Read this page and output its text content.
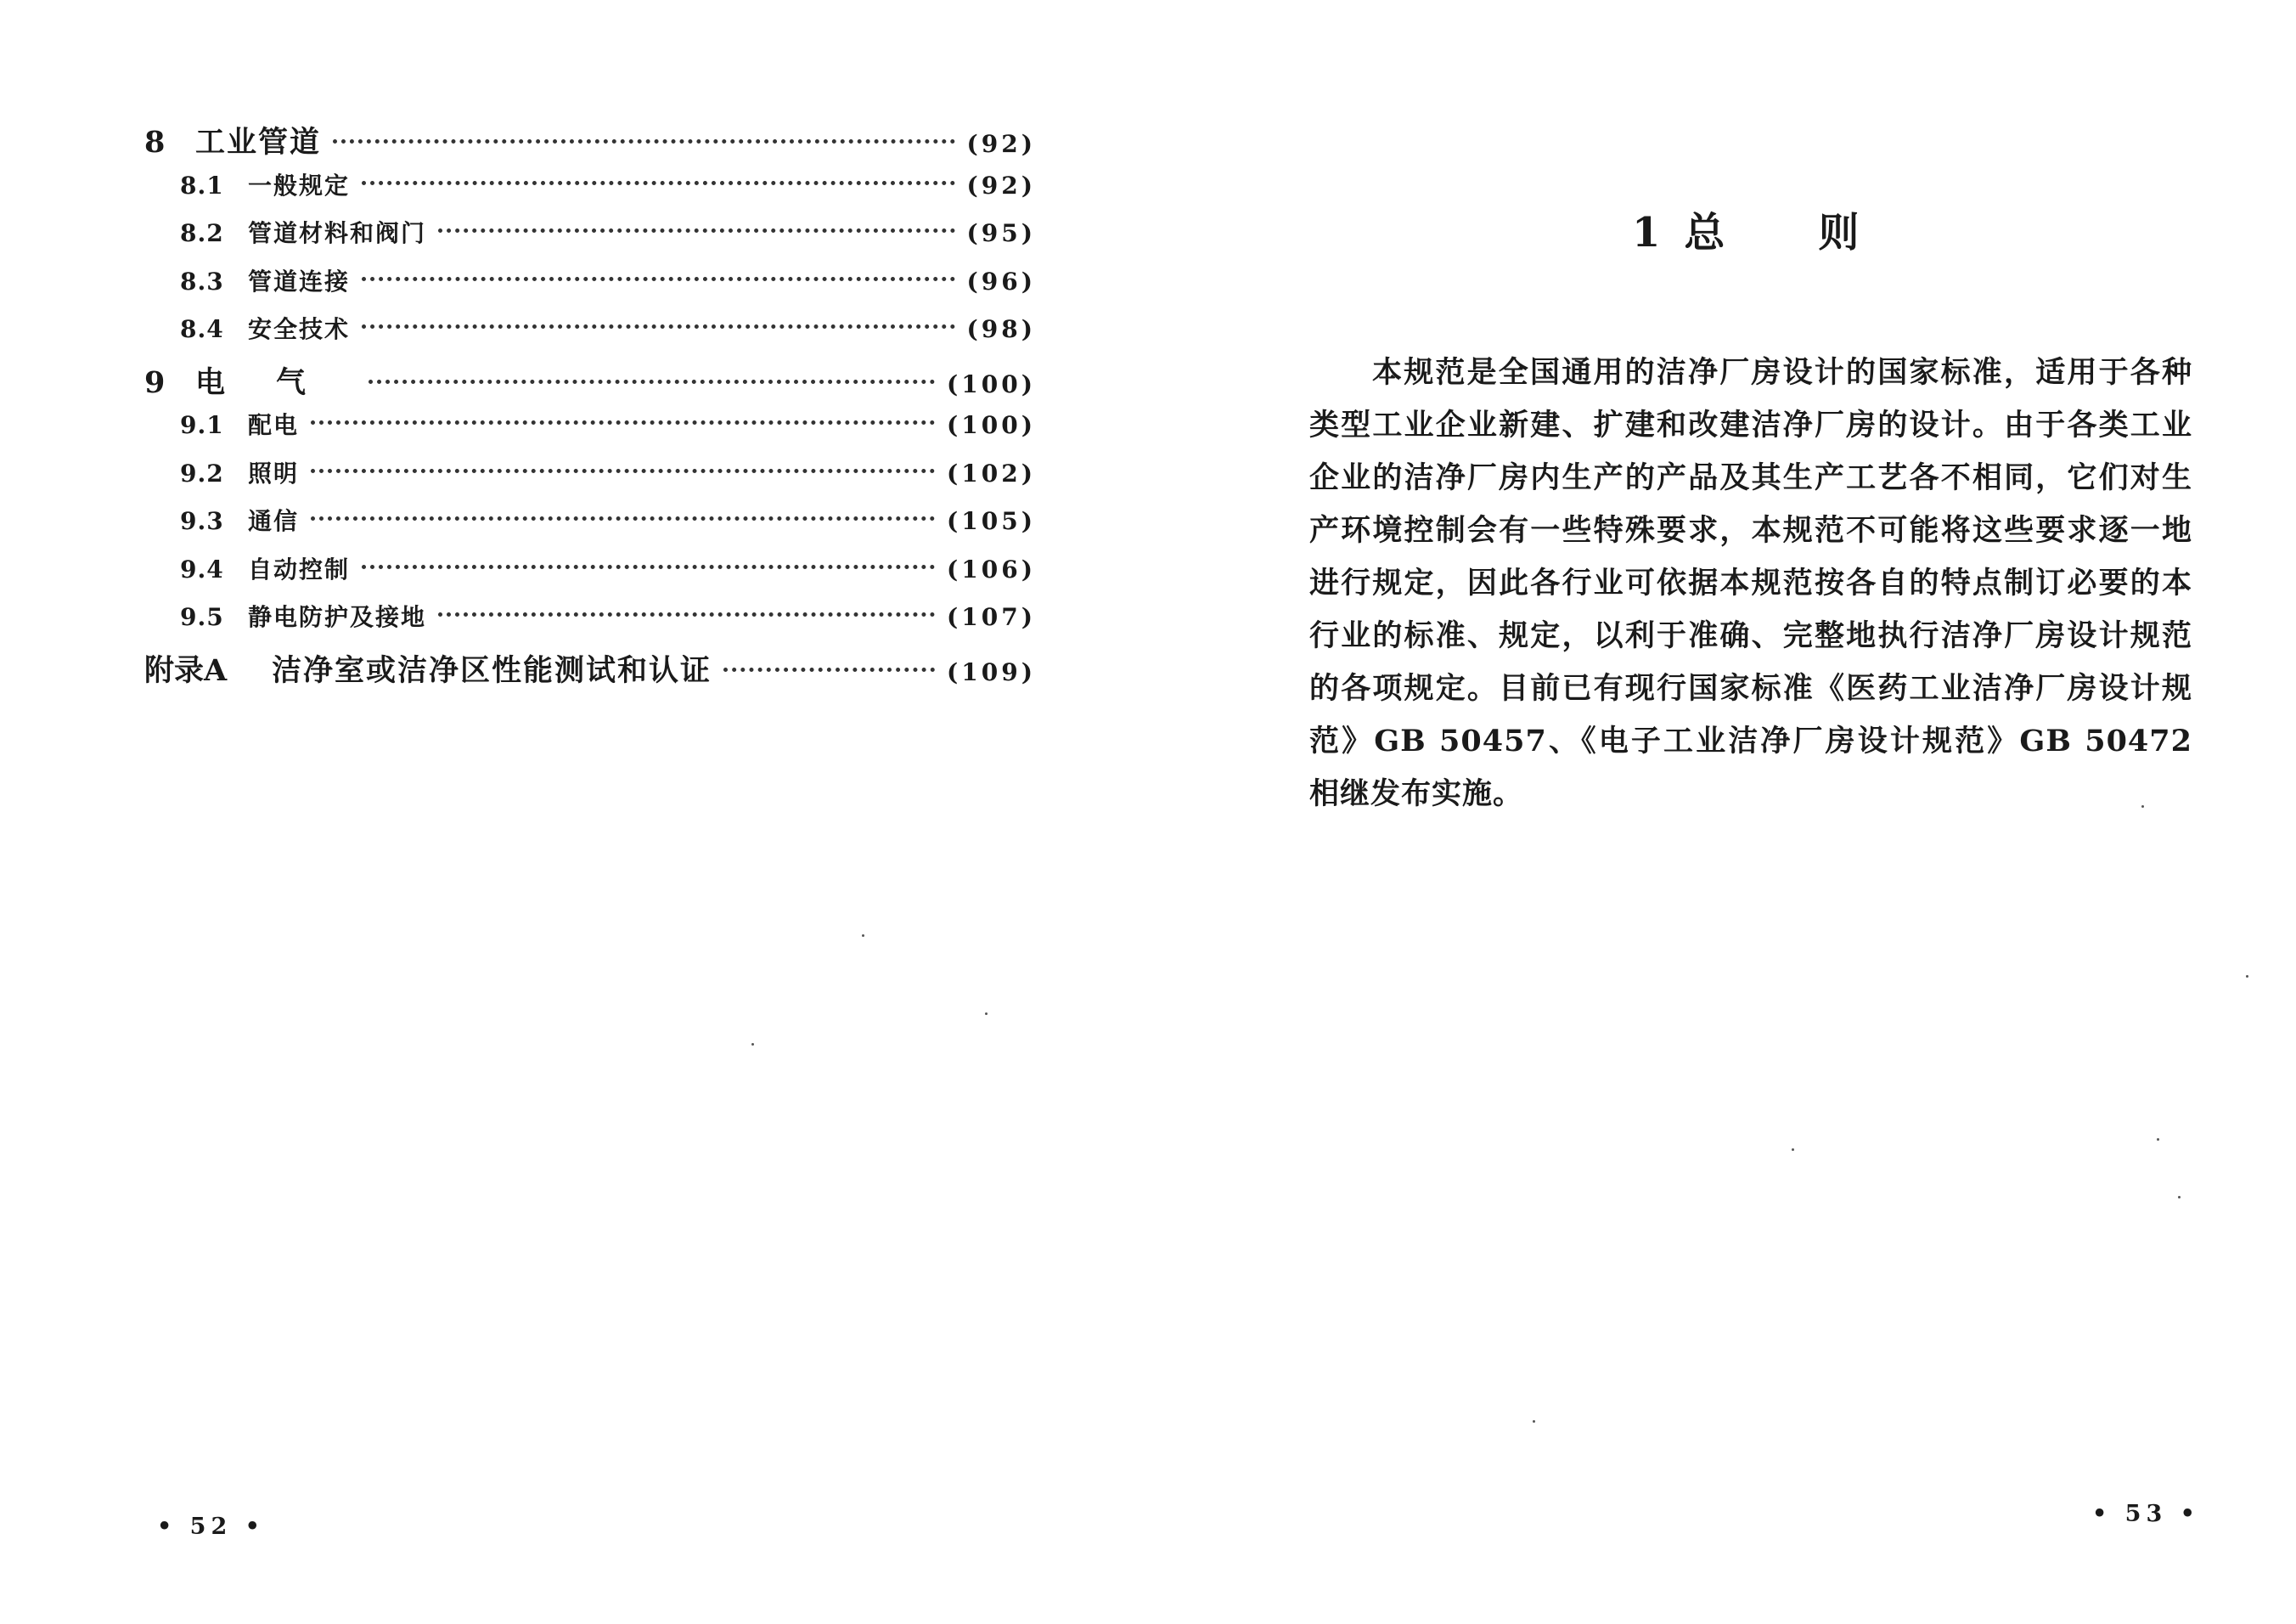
8	工业管道	(92)
8.1	一般规定	(92)
8.2	管道材料和阀门	(95)
8.3	管道连接	(96)
8.4	安全技术	(98)
9	电气	(100)
9.1	配电	(100)
9.2	照明	(102)
9.3	通信	(105)
9.4	自动控制	(106)
9.5	静电防护及接地	(107)
附录A	洁净室或洁净区性能测试和认证	(109)
• 52 •
1 总则

本规范是全国通用的洁净厂房设计的国家标准，适用于各种类型工业企业新建、扩建和改建洁净厂房的设计。由于各类工业企业的洁净厂房内生产的产品及其生产工艺各不相同，它们对生产环境控制会有一些特殊要求，本规范不可能将这些要求逐一地进行规定，因此各行业可依据本规范按各自的特点制订必要的本行业的标准、规定，以利于准确、完整地执行洁净厂房设计规范的各项规定。目前已有现行国家标准《医药工业洁净厂房设计规范》GB 50457、《电子工业洁净厂房设计规范》GB 50472 相继发布实施。

• 53 •
